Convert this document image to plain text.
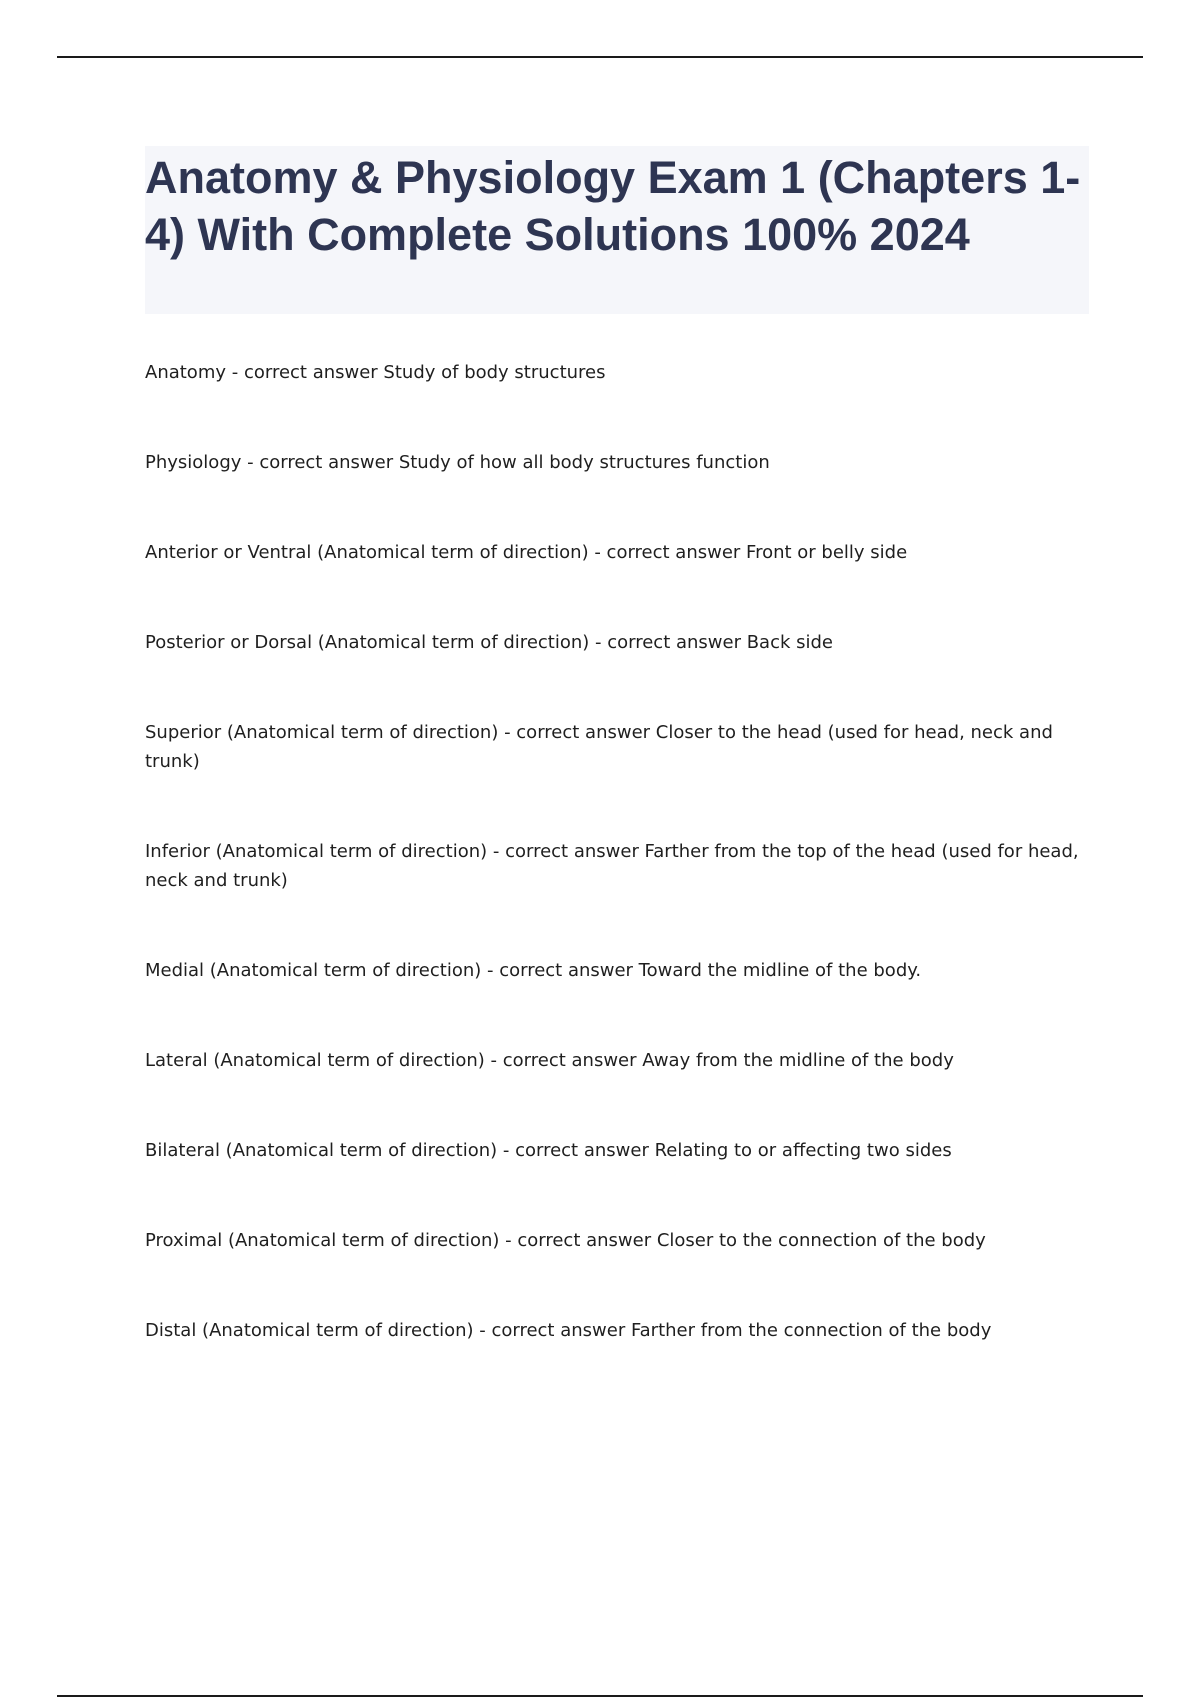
Anatomy & Physiology Exam 1 (Chapters 1-4) With Complete Solutions 100% 2024
Anatomy - correct answer Study of body structures
Physiology - correct answer Study of how all body structures function
Anterior or Ventral (Anatomical term of direction) - correct answer Front or belly side
Posterior or Dorsal (Anatomical term of direction) - correct answer Back side
Superior (Anatomical term of direction) - correct answer Closer to the head (used for head, neck and trunk)
Inferior (Anatomical term of direction) - correct answer Farther from the top of the head (used for head, neck and trunk)
Medial (Anatomical term of direction) - correct answer Toward the midline of the body.
Lateral (Anatomical term of direction) - correct answer Away from the midline of the body
Bilateral (Anatomical term of direction) - correct answer Relating to or affecting two sides
Proximal (Anatomical term of direction) - correct answer Closer to the connection of the body
Distal (Anatomical term of direction) - correct answer Farther from the connection of the body
